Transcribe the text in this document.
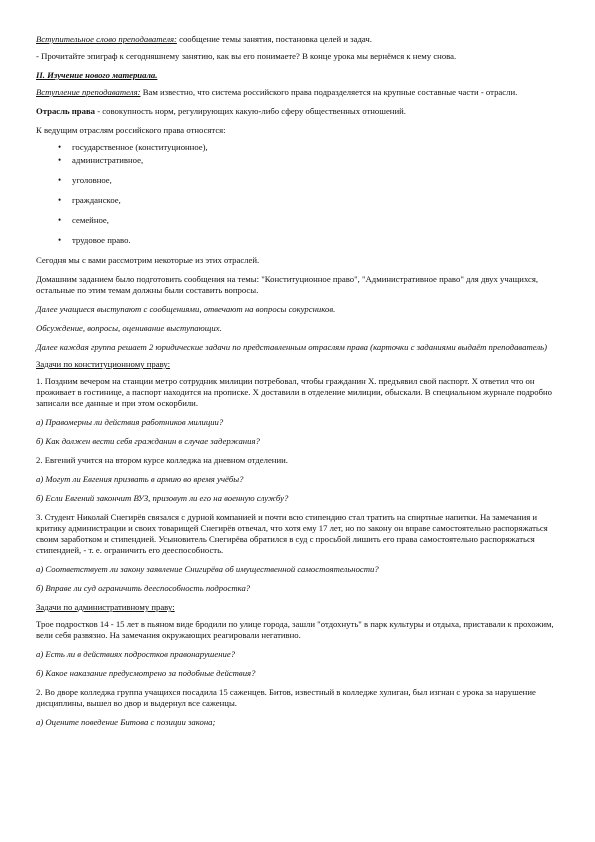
Вступительное слово преподавателя: сообщение темы занятия, постановка целей и задач.

- Прочитайте эпиграф к сегодняшнему занятию, как вы его понимаете? В конце урока мы вернёмся к нему снова.

II. Изучение нового материала.

Вступление преподавателя: Вам известно, что система российского права подразделяется на крупные составные части - отрасли.

Отрасль права - совокупность норм, регулирующих какую-либо сферу общественных отношений.

К ведущим отраслям российского права относятся:

• государственное (конституционное),
• административное,
• уголовное,
• гражданское,
• семейное,
• трудовое право.

Сегодня мы с вами рассмотрим некоторые из этих отраслей.

Домашним заданием было подготовить сообщения на темы: "Конституционное право", "Административное право" для двух учащихся, остальные по этим темам должны были составить вопросы.

Далее учащиеся выступают с сообщениями, отвечают на вопросы сокурсников.

Обсуждение, вопросы, оценивание выступающих.

Далее каждая группа решает 2 юридические задачи по представленным отраслям права (карточки с заданиями выдаёт преподаватель)

Задачи по конституционному праву:

1. Поздним вечером на станции метро сотрудник милиции потребовал, чтобы гражданин Х. предъявил свой паспорт. Х ответил что он проживает в гостинице, а паспорт находится на прописке. Х доставили в отделение милиции, обыскали. В специальном журнале подробно записали все данные и при этом оскорбили.

а) Правомерны ли действия работников милиции?

б) Как должен вести себя гражданин в случае задержания?

2. Евгений учится на втором курсе колледжа на дневном отделении.

а) Могут ли Евгения призвать в армию во время учёбы?

б) Если Евгений закончит ВУЗ, призовут ли его на военную службу?

3. Студент Николай Снегирёв связался с дурной компанией и почти всю стипендию стал тратить на спиртные напитки. На замечания и критику администрации и своих товарищей Снегирёв отвечал, что хотя ему 17 лет, но по закону он вправе самостоятельно распоряжаться своим заработком и стипендией. Усыновитель Снегирёва обратился в суд с просьбой лишить его права самостоятельно распоряжаться стипендией, - т. е. ограничить его дееспособность.

а) Соответствует ли закону заявление Снигирёва об имущественной самостоятельности?

б) Вправе ли суд ограничить дееспособность подростка?

Задачи по административному праву:

Трое подростков 14 - 15 лет в пьяном виде бродили по улице города, зашли "отдохнуть" в парк культуры и отдыха, приставали к прохожим, вели себя развязно. На замечания окружающих реагировали негативно.

а) Есть ли в действиях подростков правонарушение?

б) Какое наказание предусмотрено за подобные действия?

2. Во дворе колледжа группа учащихся посадила 15 саженцев. Битов, известный в колледже хулиган, был изгнан с урока за нарушение дисциплины, вышел во двор и выдернул все саженцы.

а) Оцените поведение Битова с позиции закона;
